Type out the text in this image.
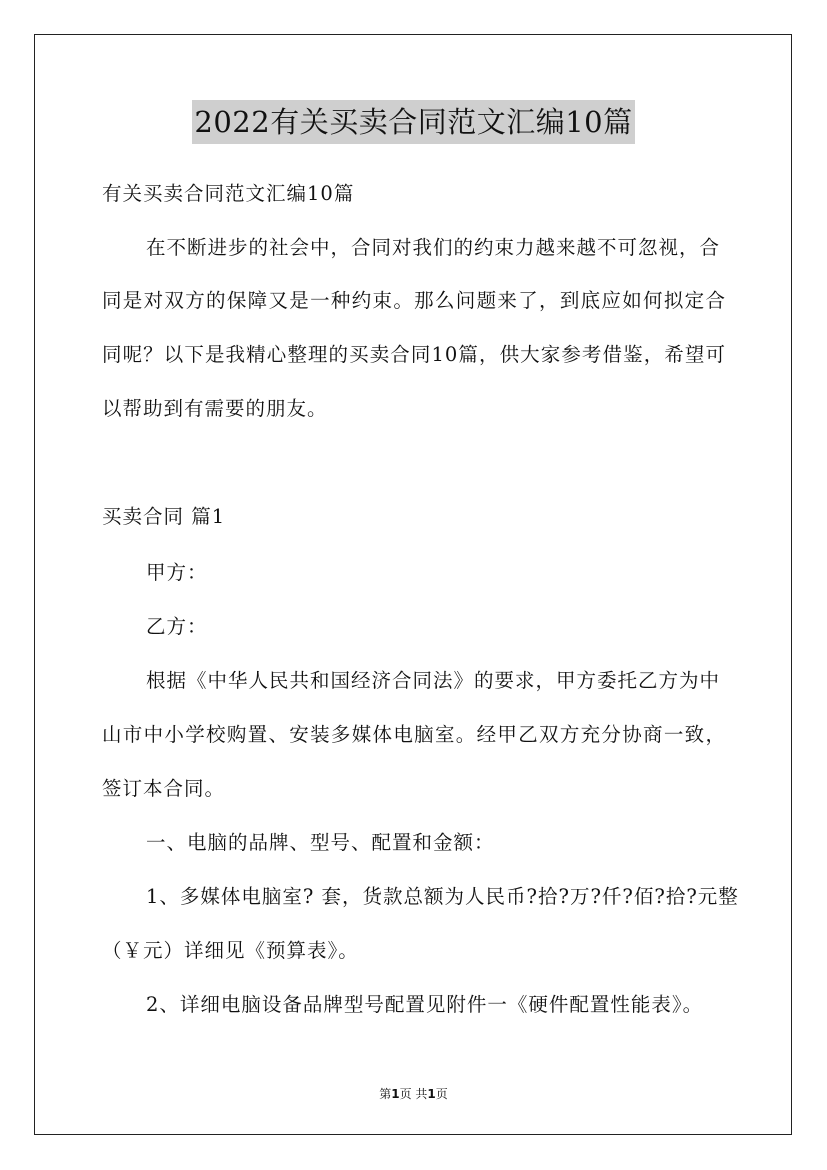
2022有关买卖合同范文汇编10篇
有关买卖合同范文汇编10篇
在不断进步的社会中，合同对我们的约束力越来越不可忽视，合
同是对双方的保障又是一种约束。那么问题来了，到底应如何拟定合
同呢？以下是我精心整理的买卖合同10篇，供大家参考借鉴，希望可
以帮助到有需要的朋友。
买卖合同 篇1
甲方：
乙方：
根据《中华人民共和国经济合同法》的要求，甲方委托乙方为中
山市中小学校购置、安装多媒体电脑室。经甲乙双方充分协商一致，
签订本合同。
一、电脑的品牌、型号、配置和金额：
1、多媒体电脑室? 套，货款总额为人民币?拾?万?仟?佰?拾?元整
（￥元）详细见《预算表》。
2、详细电脑设备品牌型号配置见附件一《硬件配置性能表》。
第1页 共1页
